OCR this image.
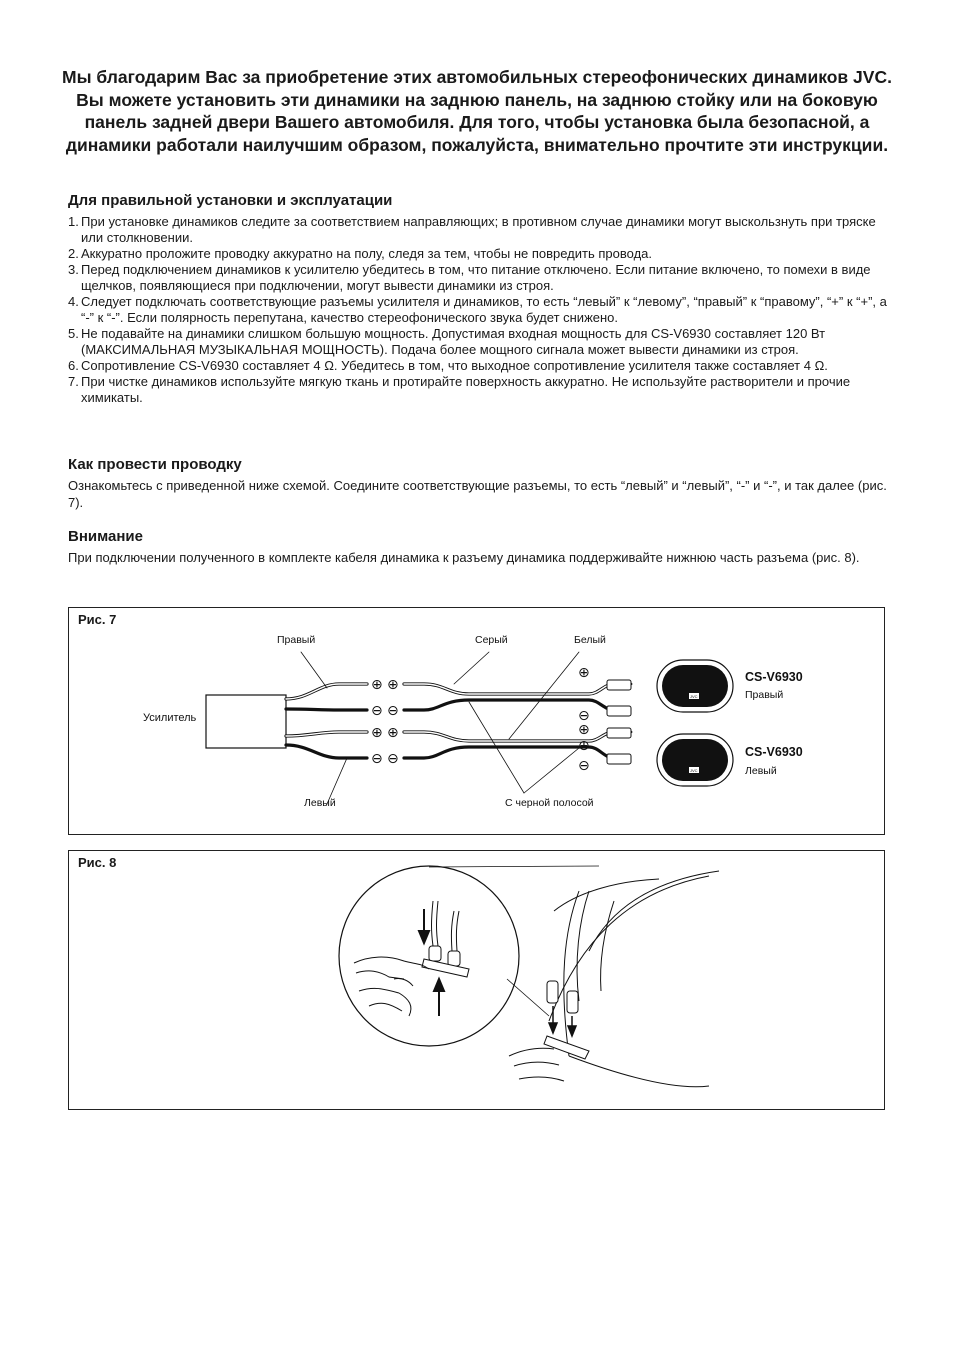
Мы благодарим Вас за приобретение этих автомобильных стереофонических динамиков JVC. Вы можете установить эти динамики на заднюю панель, на заднюю стойку или на боковую панель задней двери Вашего автомобиля. Для того, чтобы установка была безопасной, а динамики работали наилучшим образом, пожалуйста, внимательно прочтите эти инструкции.
Для правильной установки и эксплуатации
1. При установке динамиков следите за соответствием направляющих; в противном случае динамики могут выскользнуть при тряске или столкновении.
2. Аккуратно проложите проводку аккуратно на полу, следя за тем, чтобы не повредить провода.
3. Перед подключением динамиков к усилителю убедитесь в том, что питание отключено. Если питание включено, то помехи в виде щелчков, появляющиеся при подключении, могут вывести динамики из строя.
4. Следует подключать соответствующие разъемы усилителя и динамиков, то есть “левый” к “левому”, “правый” к “правому”, “+” к “+”, а “-” к “-”. Если полярность перепутана, качество стереофонического звука будет снижено.
5. Не подавайте на динамики слишком большую мощность. Допустимая входная мощность для CS-V6930 составляет 120 Вт (МАКСИМАЛЬНАЯ МУЗЫКАЛЬНАЯ МОЩНОСТЬ). Подача более мощного сигнала может вывести динамики из строя.
6. Сопротивление CS-V6930 составляет 4 Ω. Убедитесь в том, что выходное сопротивление усилителя также составляет 4 Ω.
7. При чистке динамиков используйте мягкую ткань и протирайте поверхность аккуратно. Не используйте растворители и прочие химикаты.
Как провести проводку

Ознакомьтесь с приведенной ниже схемой. Соедините соответствующие разъемы, то есть “левый” и “левый”, “-” и “-”, и так далее (рис. 7).

Внимание

При подключении полученного в комплекте кабеля динамика к разъему динамика поддерживайте нижнюю часть разъема (рис. 8).

Рис. 7
Усилитель
⊕ ⊕
⊖ ⊖
⊕ ⊕
⊖ ⊖
⊕
⊖
⊕
⊕
⊖
Правый	Серый	Белый
Левый	С черной полосой
JVC
JVC
CS-V6930
Правый
CS-V6930
Левый
Рис. 8
